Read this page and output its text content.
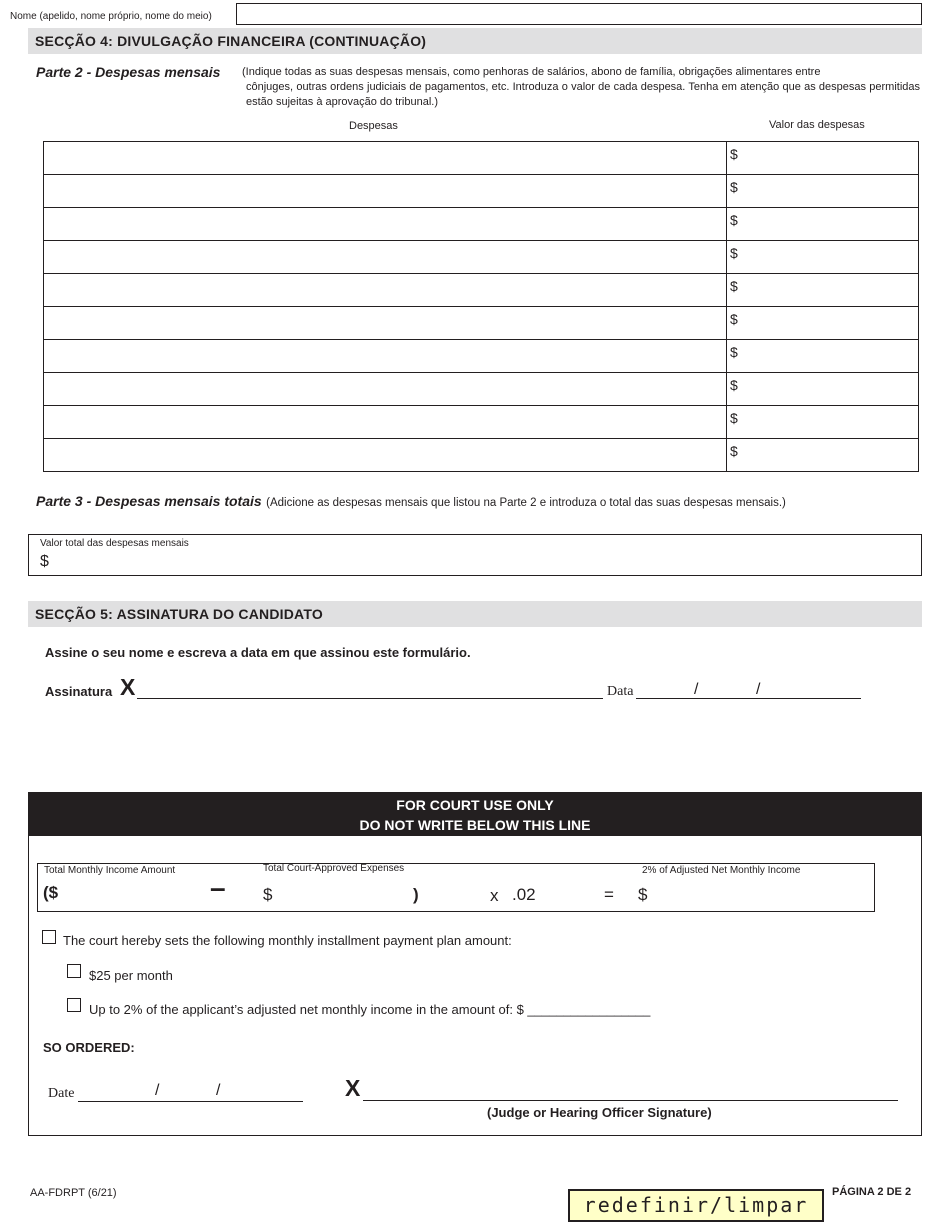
Nome (apelido, nome próprio, nome do meio)
SECÇÃO 4: DIVULGAÇÃO FINANCEIRA (CONTINUAÇÃO)
Parte 2 - Despesas mensais (Indique todas as suas despesas mensais, como penhoras de salários, abono de família, obrigações alimentares entre
cônjuges, outras ordens judiciais de pagamentos, etc. Introduza o valor de cada despesa. Tenha em atenção que as despesas permitidas estão sujeitas à aprovação do tribunal.)
Despesas	Valor das despesas
	$
	$
	$
	$
	$
	$
	$
	$
	$
	$
Parte 3 - Despesas mensais totais (Adicione as despesas mensais que listou na Parte 2 e introduza o total das suas despesas mensais.)
Valor total das despesas mensais
$
SECÇÃO 5: ASSINATURA DO CANDIDATO
Assine o seu nome e escreva a data em que assinou este formulário.
Assinatura X	Data	/	/
FOR COURT USE ONLY
DO NOT WRITE BELOW THIS LINE
Total Monthly Income Amount	Total Court-Approved Expenses	2% of Adjusted Net Monthly Income
($	– $	)	x .02	= $
The court hereby sets the following monthly installment payment plan amount:
$25 per month
Up to 2% of the applicant’s adjusted net monthly income in the amount of: $ _________________
SO ORDERED:
Date	/	/	X
(Judge or Hearing Officer Signature)
AA-FDRPT (6/21)	redefinir/limpar
PÁGINA 2 DE 2
